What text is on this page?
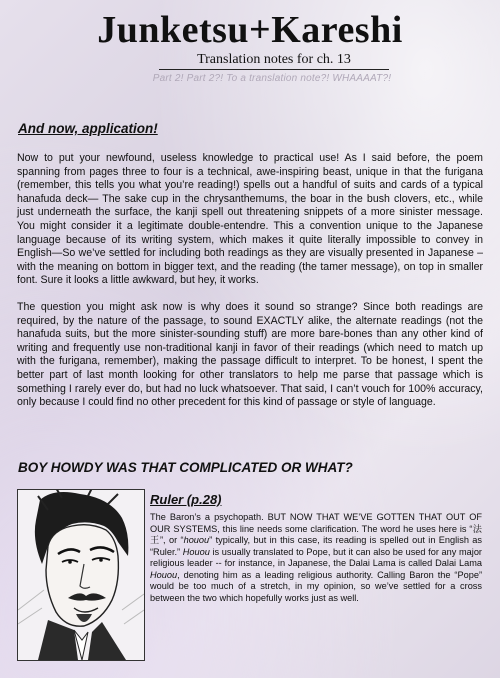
Junketsu+Kareshi
Translation notes for ch. 13
Part 2! Part 2?! To a translation note?! WHAAAAT?!
And now, application!

Now to put your newfound, useless knowledge to practical use! As I said before, the poem spanning from pages three to four is a technical, awe-inspiring beast, unique in that the furigana (remember, this tells you what you’re reading!) spells out a handful of suits and cards of a typical hanafuda deck— The sake cup in the chrysanthemums, the boar in the bush clovers, etc., while just underneath the surface, the kanji spell out threatening snippets of a more sinister message. You might consider it a legitimate double-entendre. This a convention unique to the Japanese language because of its writing system, which makes it quite literally impossible to convey in English—So we’ve settled for including both readings as they are visually presented in Japanese – with the meaning on bottom in bigger text, and the reading (the tamer message), on top in smaller font. Sure it looks a little awkward, but hey, it works.

The question you might ask now is why does it sound so strange? Since both readings are required, by the nature of the passage, to sound EXACTLY alike, the alternate readings (not the hanafuda suits, but the more sinister-sounding stuff) are more bare-bones than any other kind of writing and frequently use non-traditional kanji in favor of their readings (which need to match up with the furigana, remember), making the passage difficult to interpret. To be honest, I spent the better part of last month looking for other translators to help me parse that passage which is something I rarely ever do, but had no luck whatsoever. That said, I can’t vouch for 100% accuracy, only because I could find no other precedent for this kind of passage or style of language.

BOY HOWDY WAS THAT COMPLICATED OR WHAT?
Ruler (p.28)

The Baron’s a psychopath. BUT NOW THAT WE’VE GOTTEN THAT OUT OF OUR SYSTEMS, this line needs some clarification. The word he uses here is “法王”, or “houou” typically, but in this case, its reading is spelled out in English as “Ruler.” Houou is usually translated to Pope, but it can also be used for any major religious leader -- for instance, in Japanese, the Dalai Lama is called Dalai Lama Houou, denoting him as a leading religious authority. Calling Baron the “Pope” would be too much of a stretch, in my opinion, so we’ve settled for a cross between the two which hopefully works just as well.
